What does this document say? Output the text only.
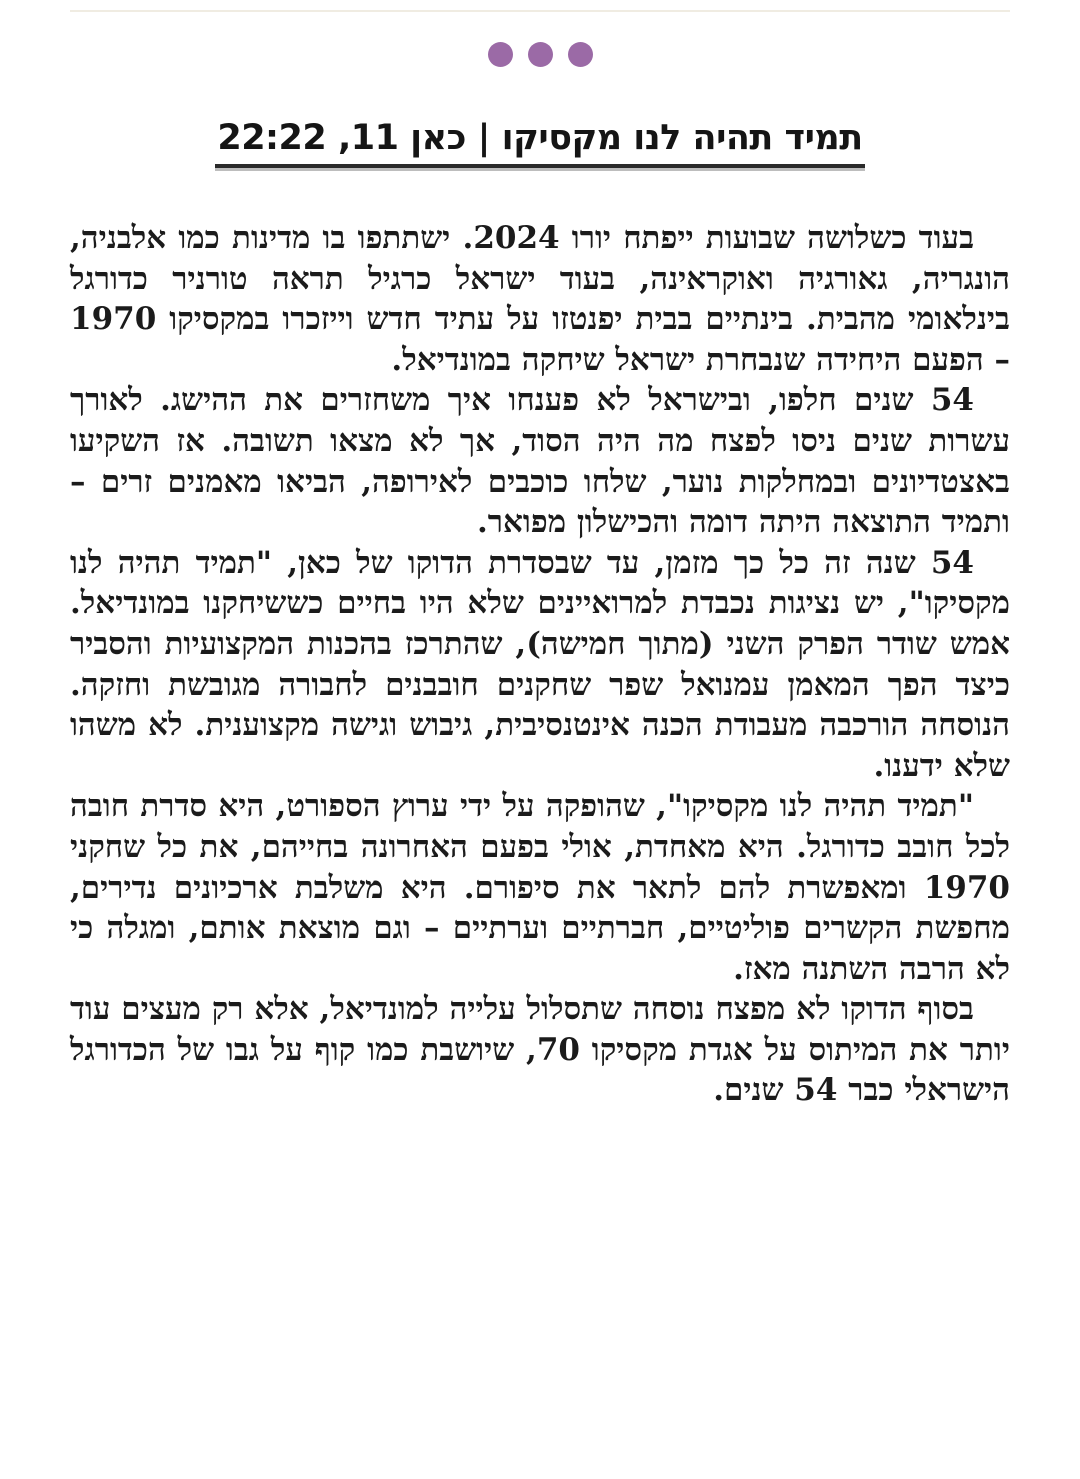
תמיד תהיה לנו מקסיקו | כאן 11, 22:22

בעוד כשלושה שבועות ייפתח יורו 2024. ישתתפו בו מדינות כמו אלבניה, הונגריה, גאורגיה ואוקראינה, בעוד ישראל כרגיל תראה טורניר כדורגל בינלאומי מהבית. בינתיים בבית יפנטזו על עתיד חדש וייזכרו במקסיקו 1970 – הפעם היחידה שנבחרת ישראל שיחקה במונדיאל.

54 שנים חלפו, ובישראל לא פענחו איך משחזרים את ההישג. לאורך עשרות שנים ניסו לפצח מה היה הסוד, אך לא מצאו תשובה. אז השקיעו באצטדיונים ובמחלקות נוער, שלחו כוכבים לאירופה, הביאו מאמנים זרים – ותמיד התוצאה היתה דומה והכישלון מפואר.

54 שנה זה כל כך מזמן, עד שבסדרת הדוקו של כאן, "תמיד תהיה לנו מקסיקו", יש נציגות נכבדת למרואיינים שלא היו בחיים כששיחקנו במונדיאל. אמש שודר הפרק השני (מתוך חמישה), שהתרכז בהכנות המקצועיות והסביר כיצד הפך המאמן עמנואל שפר שחקנים חובבנים לחבורה מגובשת וחזקה. הנוסחה הורכבה מעבודת הכנה אינטנסיבית, גיבוש וגישה מקצוענית. לא משהו שלא ידענו.

"תמיד תהיה לנו מקסיקו", שהופקה על ידי ערוץ הספורט, היא סדרת חובה לכל חובב כדורגל. היא מאחדת, אולי בפעם האחרונה בחייהם, את כל שחקני 1970 ומאפשרת להם לתאר את סיפורם. היא משלבת ארכיונים נדירים, מחפשת הקשרים פוליטיים, חברתיים וערתיים – וגם מוצאת אותם, ומגלה כי לא הרבה השתנה מאז.

בסוף הדוקו לא מפצח נוסחה שתסלול עלייה למונדיאל, אלא רק מעצים עוד יותר את המיתוס על אגדת מקסיקו 70, שיושבת כמו קוף על גבו של הכדורגל הישראלי כבר 54 שנים.
